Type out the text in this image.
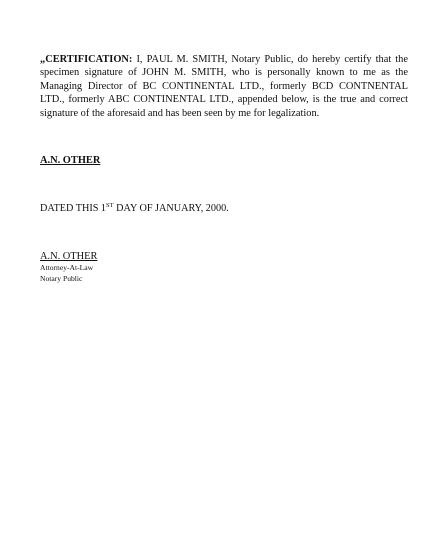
„CERTIFICATION: I, PAUL M. SMITH, Notary Public, do hereby certify that the specimen signature of JOHN M. SMITH, who is personally known to me as the Managing Director of BC CONTINENTAL LTD., formerly BCD CONTNENTAL LTD., formerly ABC CONTINENTAL LTD., appended below, is the true and correct signature of the aforesaid and has been seen by me for legalization.

A.N. OTHER

DATED THIS 1ST DAY OF JANUARY, 2000.

A.N. OTHER
Attorney-At-Law
Notary Public
